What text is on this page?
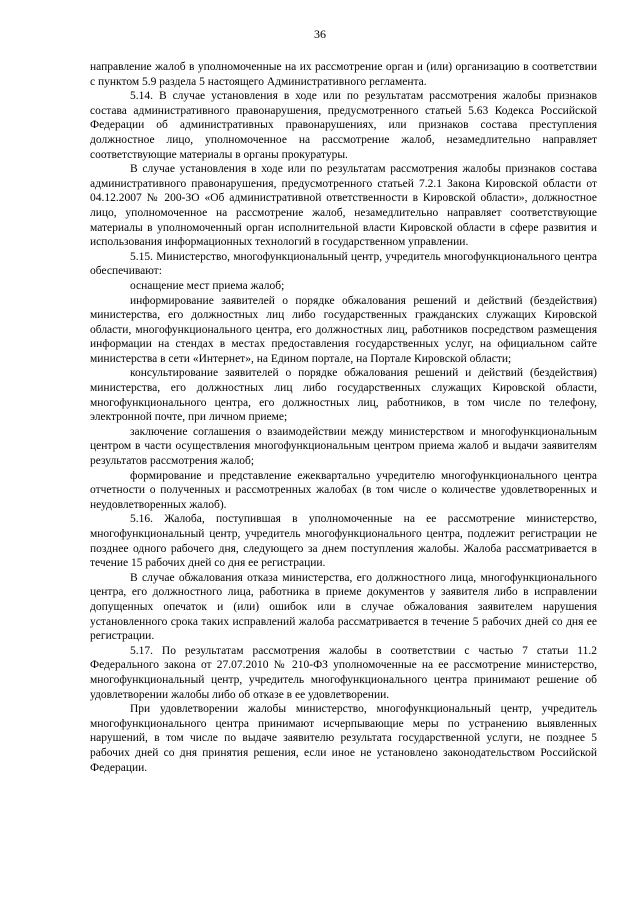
36

направление жалоб в уполномоченные на их рассмотрение орган и (или) организацию в соответствии с пунктом 5.9 раздела 5 настоящего Административного регламента.

5.14. В случае установления в ходе или по результатам рассмотрения жалобы признаков состава административного правонарушения, предусмотренного статьей 5.63 Кодекса Российской Федерации об административных правонарушениях, или признаков состава преступления должностное лицо, уполномоченное на рассмотрение жалоб, незамедлительно направляет соответствующие материалы в органы прокуратуры.

В случае установления в ходе или по результатам рассмотрения жалобы признаков состава административного правонарушения, предусмотренного статьей 7.2.1 Закона Кировской области от 04.12.2007 № 200-ЗО «Об административной ответственности в Кировской области», должностное лицо, уполномоченное на рассмотрение жалоб, незамедлительно направляет соответствующие материалы в уполномоченный орган исполнительной власти Кировской области в сфере развития и использования информационных технологий в государственном управлении.

5.15. Министерство, многофункциональный центр, учредитель многофункционального центра обеспечивают:

оснащение мест приема жалоб;

информирование заявителей о порядке обжалования решений и действий (бездействия) министерства, его должностных лиц либо государственных гражданских служащих Кировской области, многофункционального центра, его должностных лиц, работников посредством размещения информации на стендах в местах предоставления государственных услуг, на официальном сайте министерства в сети «Интернет», на Едином портале, на Портале Кировской области;

консультирование заявителей о порядке обжалования решений и действий (бездействия) министерства, его должностных лиц либо государственных служащих Кировской области, многофункционального центра, его должностных лиц, работников, в том числе по телефону, электронной почте, при личном приеме;

заключение соглашения о взаимодействии между министерством и многофункциональным центром в части осуществления многофункциональным центром приема жалоб и выдачи заявителям результатов рассмотрения жалоб;

формирование и представление ежеквартально учредителю многофункционального центра отчетности о полученных и рассмотренных жалобах (в том числе о количестве удовлетворенных и неудовлетворенных жалоб).

5.16. Жалоба, поступившая в уполномоченные на ее рассмотрение министерство, многофункциональный центр, учредитель многофункционального центра, подлежит регистрации не позднее одного рабочего дня, следующего за днем поступления жалобы. Жалоба рассматривается в течение 15 рабочих дней со дня ее регистрации.

В случае обжалования отказа министерства, его должностного лица, многофункционального центра, его должностного лица, работника в приеме документов у заявителя либо в исправлении допущенных опечаток и (или) ошибок или в случае обжалования заявителем нарушения установленного срока таких исправлений жалоба рассматривается в течение 5 рабочих дней со дня ее регистрации.

5.17. По результатам рассмотрения жалобы в соответствии с частью 7 статьи 11.2 Федерального закона от 27.07.2010 № 210-ФЗ уполномоченные на ее рассмотрение министерство, многофункциональный центр, учредитель многофункционального центра принимают решение об удовлетворении жалобы либо об отказе в ее удовлетворении.

При удовлетворении жалобы министерство, многофункциональный центр, учредитель многофункционального центра принимают исчерпывающие меры по устранению выявленных нарушений, в том числе по выдаче заявителю результата государственной услуги, не позднее 5 рабочих дней со дня принятия решения, если иное не установлено законодательством Российской Федерации.
